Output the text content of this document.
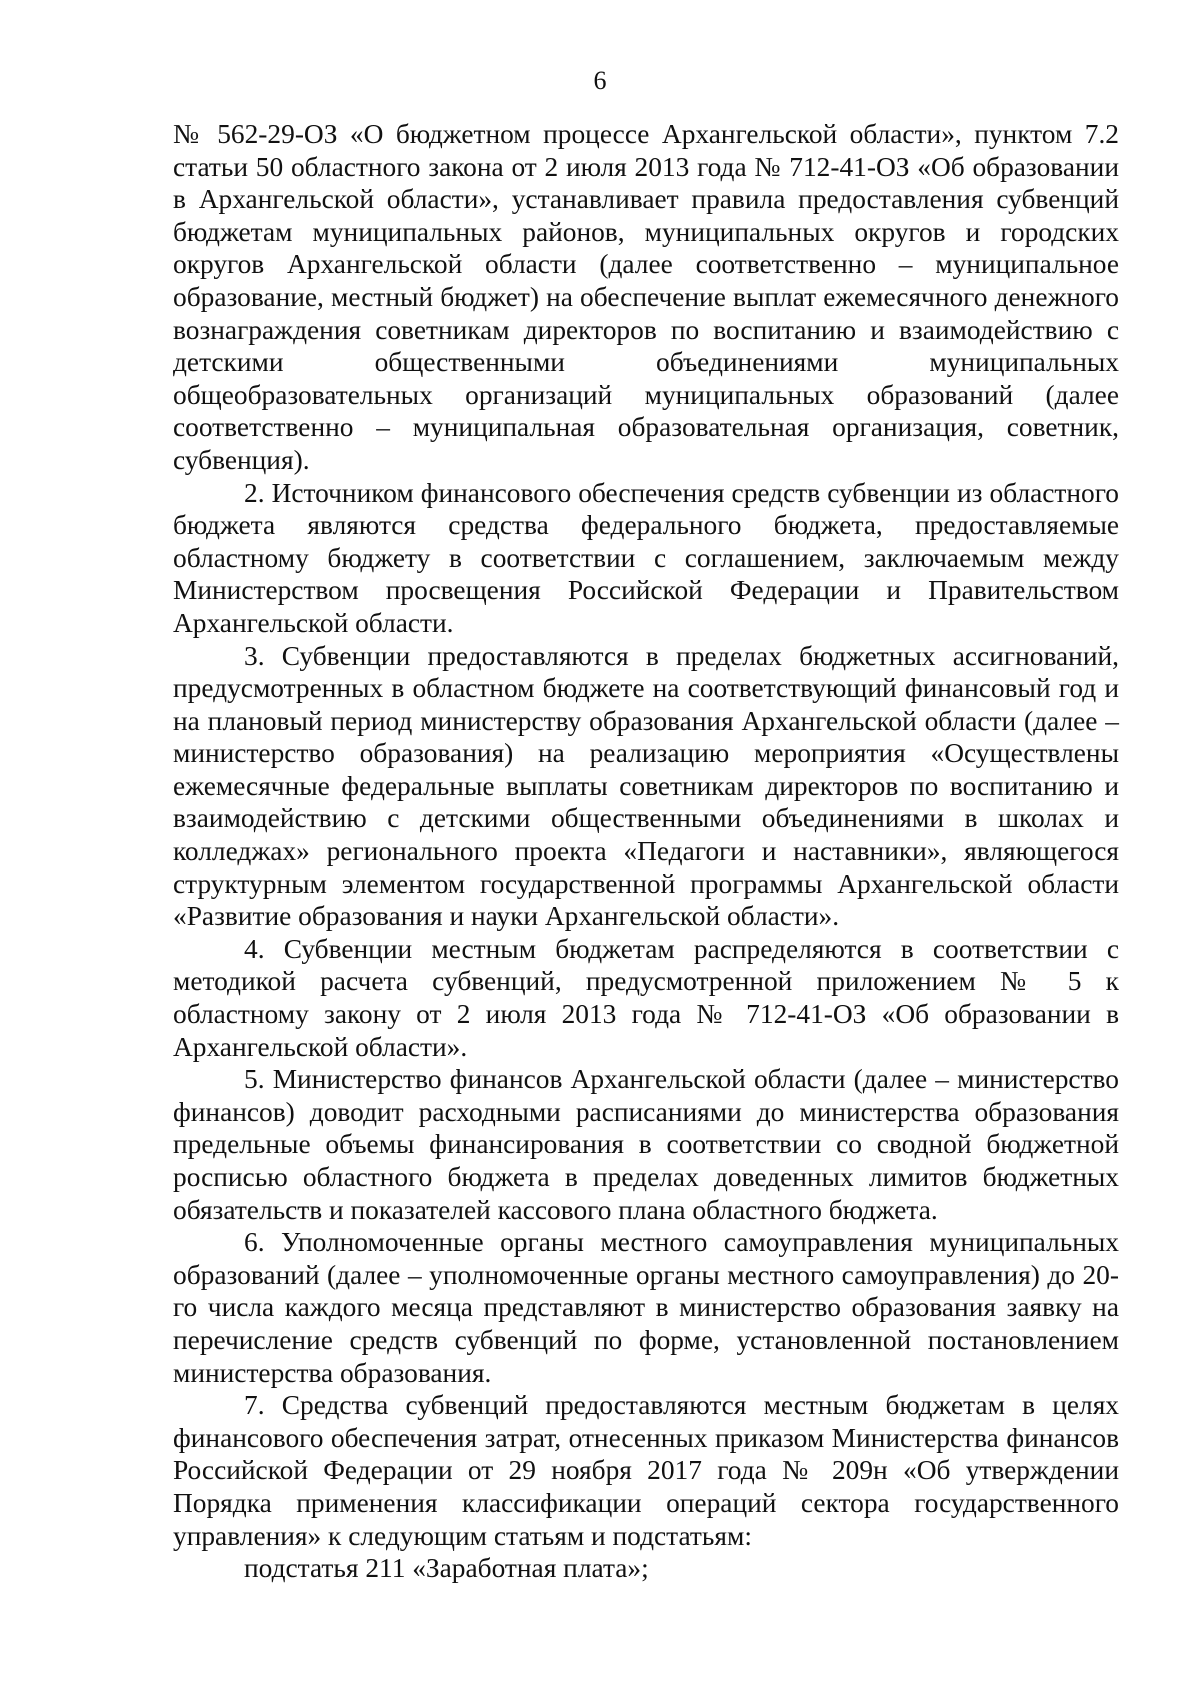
6

№ 562-29-ОЗ «О бюджетном процессе Архангельской области», пунктом 7.2 статьи 50 областного закона от 2 июля 2013 года № 712-41-ОЗ «Об образовании в Архангельской области», устанавливает правила предоставления субвенций бюджетам муниципальных районов, муниципальных округов и городских округов Архангельской области (далее соответственно – муниципальное образование, местный бюджет) на обеспечение выплат ежемесячного денежного вознаграждения советникам директоров по воспитанию и взаимодействию с детскими общественными объединениями муниципальных общеобразовательных организаций муниципальных образований (далее соответственно – муниципальная образовательная организация, советник, субвенция).

2. Источником финансового обеспечения средств субвенции из областного бюджета являются средства федерального бюджета, предоставляемые областному бюджету в соответствии с соглашением, заключаемым между Министерством просвещения Российской Федерации и Правительством Архангельской области.

3. Субвенции предоставляются в пределах бюджетных ассигнований, предусмотренных в областном бюджете на соответствующий финансовый год и на плановый период министерству образования Архангельской области (далее – министерство образования) на реализацию мероприятия «Осуществлены ежемесячные федеральные выплаты советникам директоров по воспитанию и взаимодействию с детскими общественными объединениями в школах и колледжах» регионального проекта «Педагоги и наставники», являющегося структурным элементом государственной программы Архангельской области «Развитие образования и науки Архангельской области».

4. Субвенции местным бюджетам распределяются в соответствии с методикой расчета субвенций, предусмотренной приложением № 5 к областному закону от 2 июля 2013 года № 712-41-ОЗ «Об образовании в Архангельской области».

5. Министерство финансов Архангельской области (далее – министерство финансов) доводит расходными расписаниями до министерства образования предельные объемы финансирования в соответствии со сводной бюджетной росписью областного бюджета в пределах доведенных лимитов бюджетных обязательств и показателей кассового плана областного бюджета.

6. Уполномоченные органы местного самоуправления муниципальных образований (далее – уполномоченные органы местного самоуправления) до 20-го числа каждого месяца представляют в министерство образования заявку на перечисление средств субвенций по форме, установленной постановлением министерства образования.

7. Средства субвенций предоставляются местным бюджетам в целях финансового обеспечения затрат, отнесенных приказом Министерства финансов Российской Федерации от 29 ноября 2017 года № 209н «Об утверждении Порядка применения классификации операций сектора государственного управления» к следующим статьям и подстатьям:

подстатья 211 «Заработная плата»;
